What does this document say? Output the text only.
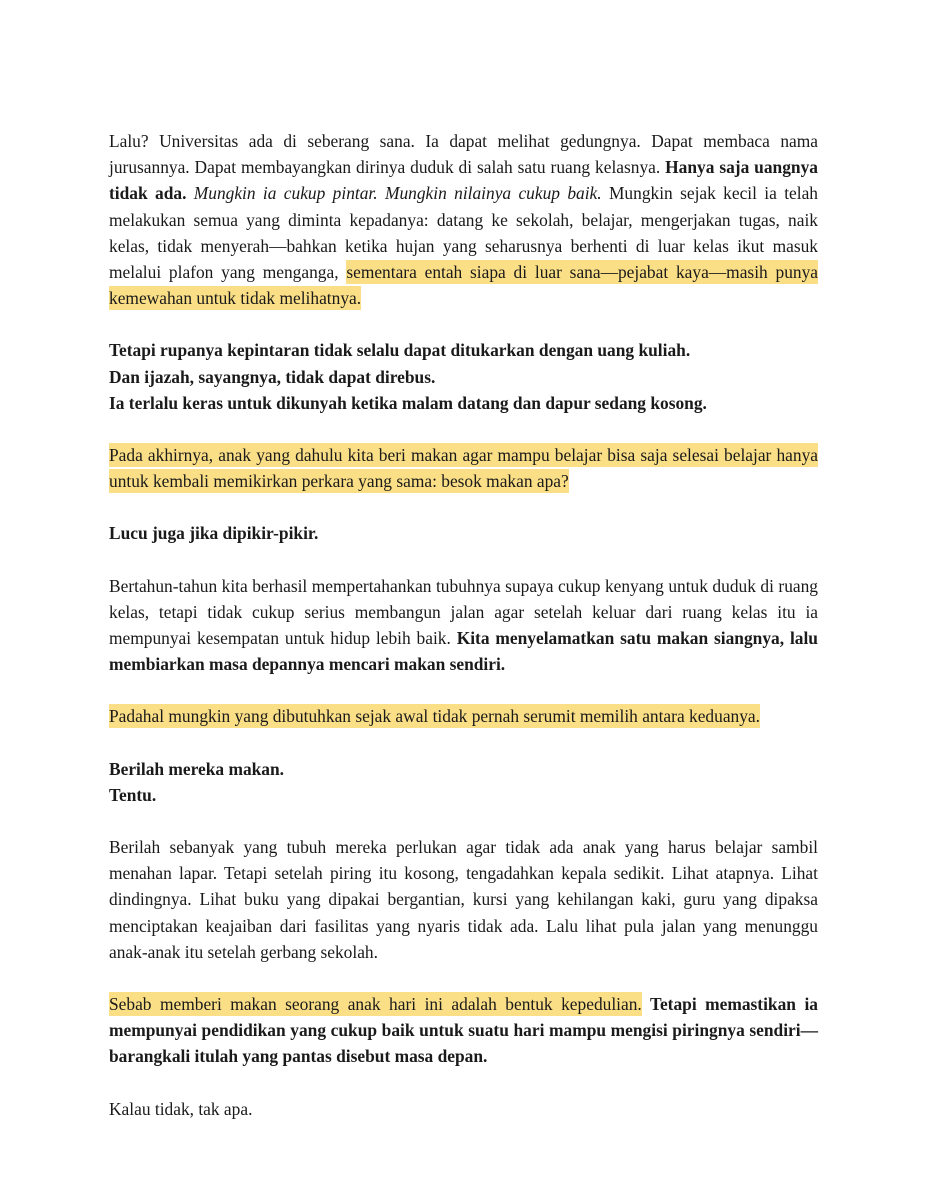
Lalu? Universitas ada di seberang sana. Ia dapat melihat gedungnya. Dapat membaca nama jurusannya. Dapat membayangkan dirinya duduk di salah satu ruang kelasnya. Hanya saja uangnya tidak ada. Mungkin ia cukup pintar. Mungkin nilainya cukup baik. Mungkin sejak kecil ia telah melakukan semua yang diminta kepadanya: datang ke sekolah, belajar, mengerjakan tugas, naik kelas, tidak menyerah—bahkan ketika hujan yang seharusnya berhenti di luar kelas ikut masuk melalui plafon yang menganga, sementara entah siapa di luar sana—pejabat kaya—masih punya kemewahan untuk tidak melihatnya.

Tetapi rupanya kepintaran tidak selalu dapat ditukarkan dengan uang kuliah.
Dan ijazah, sayangnya, tidak dapat direbus.
Ia terlalu keras untuk dikunyah ketika malam datang dan dapur sedang kosong.

Pada akhirnya, anak yang dahulu kita beri makan agar mampu belajar bisa saja selesai belajar hanya untuk kembali memikirkan perkara yang sama: besok makan apa?

Lucu juga jika dipikir-pikir.

Bertahun-tahun kita berhasil mempertahankan tubuhnya supaya cukup kenyang untuk duduk di ruang kelas, tetapi tidak cukup serius membangun jalan agar setelah keluar dari ruang kelas itu ia mempunyai kesempatan untuk hidup lebih baik. Kita menyelamatkan satu makan siangnya, lalu membiarkan masa depannya mencari makan sendiri.

Padahal mungkin yang dibutuhkan sejak awal tidak pernah serumit memilih antara keduanya.

Berilah mereka makan.
Tentu.

Berilah sebanyak yang tubuh mereka perlukan agar tidak ada anak yang harus belajar sambil menahan lapar. Tetapi setelah piring itu kosong, tengadahkan kepala sedikit. Lihat atapnya. Lihat dindingnya. Lihat buku yang dipakai bergantian, kursi yang kehilangan kaki, guru yang dipaksa menciptakan keajaiban dari fasilitas yang nyaris tidak ada. Lalu lihat pula jalan yang menunggu anak-anak itu setelah gerbang sekolah.

Sebab memberi makan seorang anak hari ini adalah bentuk kepedulian. Tetapi memastikan ia mempunyai pendidikan yang cukup baik untuk suatu hari mampu mengisi piringnya sendiri—barangkali itulah yang pantas disebut masa depan.

Kalau tidak, tak apa.
